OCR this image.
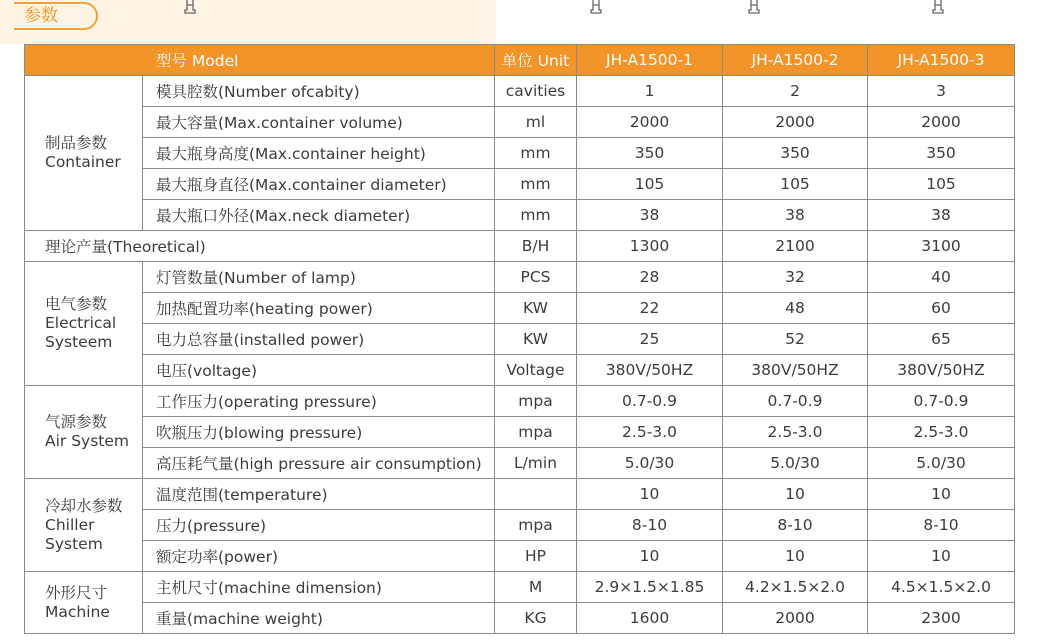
参数
型号 Model		单位 Unit	JH-A1500-1	JH-A1500-2	JH-A1500-3

制品参数
Container	模具腔数(Number ofcabity)	cavities	1	2	3
	最大容量(Max.container volume)	ml	2000	2000	2000
	最大瓶身高度(Max.container height)	mm	350	350	350
	最大瓶身直径(Max.container diameter)	mm	105	105	105
	最大瓶口外径(Max.neck diameter)	mm	38	38	38
理论产量(Theoretical)		B/H	1300	2100	3100

电气参数
Electrical
Systeem	灯管数量(Number of lamp)	PCS	28	32	40
	加热配置功率(heating power)	KW	22	48	60
	电力总容量(installed power)	KW	25	52	65
	电压(voltage)	Voltage	380V/50HZ	380V/50HZ	380V/50HZ

气源参数
Air System	工作压力(operating pressure)	mpa	0.7-0.9	0.7-0.9	0.7-0.9
	吹瓶压力(blowing pressure)	mpa	2.5-3.0	2.5-3.0	2.5-3.0
	高压耗气量(high pressure air consumption)	L/min	5.0/30	5.0/30	5.0/30

冷却水参数
Chiller
System	温度范围(temperature)		10	10	10
	压力(pressure)	mpa	8-10	8-10	8-10
	额定功率(power)	HP	10	10	10

外形尺寸
Machine	主机尺寸(machine dimension)	M	2.9×1.5×1.85	4.2×1.5×2.0	4.5×1.5×2.0
	重量(machine weight)	KG	1600	2000	2300
